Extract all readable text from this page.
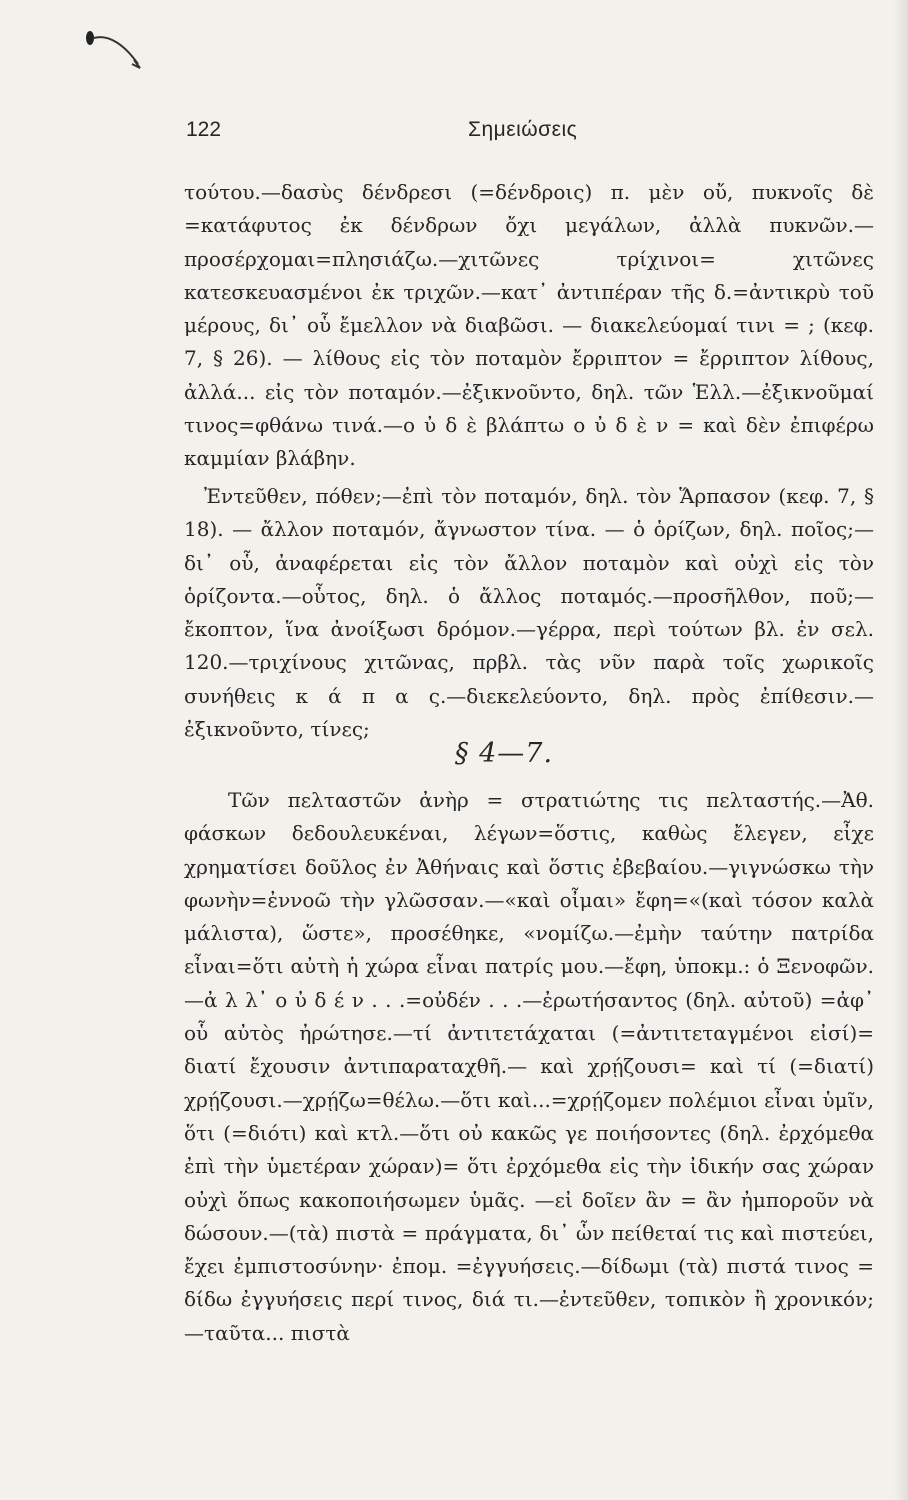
122	Σημειώσεις

τούτου.—δασὺς δένδρεσι (=δένδροις) π. μὲν οὔ, πυκνοῖς δὲ =κατάφυτος ἐκ δένδρων ὄχι μεγάλων, ἀλλὰ πυκνῶν.—προσέρχομαι=πλησιάζω.—χιτῶνες τρίχινοι= χιτῶνες κατεσκευασμένοι ἐκ τριχῶν.—κατ᾽ ἀντιπέραν τῆς δ.=ἀντικρὺ τοῦ μέρους, δι᾽ οὗ ἔμελλον νὰ διαβῶσι. — διακελεύομαί τινι = ; (κεφ. 7, § 26). — λίθους εἰς τὸν ποταμὸν ἔρριπτον = ἔρριπτον λίθους, ἀλλά... εἰς τὸν ποταμόν.—ἐξικνοῦντο, δηλ. τῶν Ἑλλ.—ἐξικνοῦμαί τινος=φθάνω τινά.—ο ὐ δ ὲ βλάπτω ο ὐ δ ὲ ν = καὶ δὲν ἐπιφέρω καμμίαν βλάβην.

Ἐντεῦθεν, πόθεν;—ἐπὶ τὸν ποταμόν, δηλ. τὸν Ἅρπασον (κεφ. 7, § 18). — ἄλλον ποταμόν, ἄγνωστον τίνα. — ὁ ὁρίζων, δηλ. ποῖος;—δι᾽ οὗ, ἀναφέρεται εἰς τὸν ἄλλον ποταμὸν καὶ οὐχὶ εἰς τὸν ὁρίζοντα.—οὗτος, δηλ. ὁ ἄλλος ποταμός.—προσῆλθον, ποῦ;—ἔκοπτον, ἵνα ἀνοίξωσι δρόμον.—γέρρα, περὶ τούτων βλ. ἐν σελ. 120.—τριχίνους χιτῶνας, πρβλ. τὰς νῦν παρὰ τοῖς χωρικοῖς συνήθεις κ ά π α ς.—διεκελεύοντο, δηλ. πρὸς ἐπίθεσιν.—ἐξικνοῦντο, τίνες;

§ 4—7.

Τῶν πελταστῶν ἀνὴρ = στρατιώτης τις πελταστής.—Ἀθ. φάσκων δεδουλευκέναι, λέγων=ὅστις, καθὼς ἔλεγεν, εἶχε χρηματίσει δοῦλος ἐν Ἀθήναις καὶ ὅστις ἐβεβαίου.—γιγνώσκω τὴν φωνὴν=ἐννοῶ τὴν γλῶσσαν.—«καὶ οἶμαι» ἔφη=«(καὶ τόσον καλὰ μάλιστα), ὥστε», προσέθηκε, «νομίζω.—ἐμὴν ταύτην πατρίδα εἶναι=ὅτι αὐτὴ ἡ χώρα εἶναι πατρίς μου.—ἔφη, ὑποκμ.: ὁ Ξενοφῶν.—ἀ λ λ᾽ ο ὐ δ έ ν . . .=οὐδέν . . .—ἐρωτήσαντος (δηλ. αὐτοῦ) =ἀφ᾽ οὗ αὐτὸς ἠρώτησε.—τί ἀντιτετάχαται (=ἀντιτεταγμένοι εἰσί)= διατί ἔχουσιν ἀντιπαραταχθῆ.— καὶ χρῄζουσι= καὶ τί (=διατί) χρῄζουσι.—χρῄζω=θέλω.—ὅτι καὶ...=χρῄζομεν πολέμιοι εἶναι ὑμῖν, ὅτι (=διότι) καὶ κτλ.—ὅτι οὐ κακῶς γε ποιήσοντες (δηλ. ἐρχόμεθα ἐπὶ τὴν ὑμετέραν χώραν)= ὅτι ἐρχόμεθα εἰς τὴν ἰδικήν σας χώραν οὐχὶ ὅπως κακοποιήσωμεν ὑμᾶς. —εἰ δοῖεν ἂν = ἂν ἠμποροῦν νὰ δώσουν.—(τὰ) πιστὰ = πράγματα, δι᾽ ὧν πείθεταί τις καὶ πιστεύει, ἔχει ἐμπιστοσύνην· ἐπομ. =ἐγγυήσεις.—δίδωμι (τὰ) πιστά τινος = δίδω ἐγγυήσεις περί τινος, διά τι.—ἐντεῦθεν, τοπικὸν ἢ χρονικόν;—ταῦτα... πιστὰ
